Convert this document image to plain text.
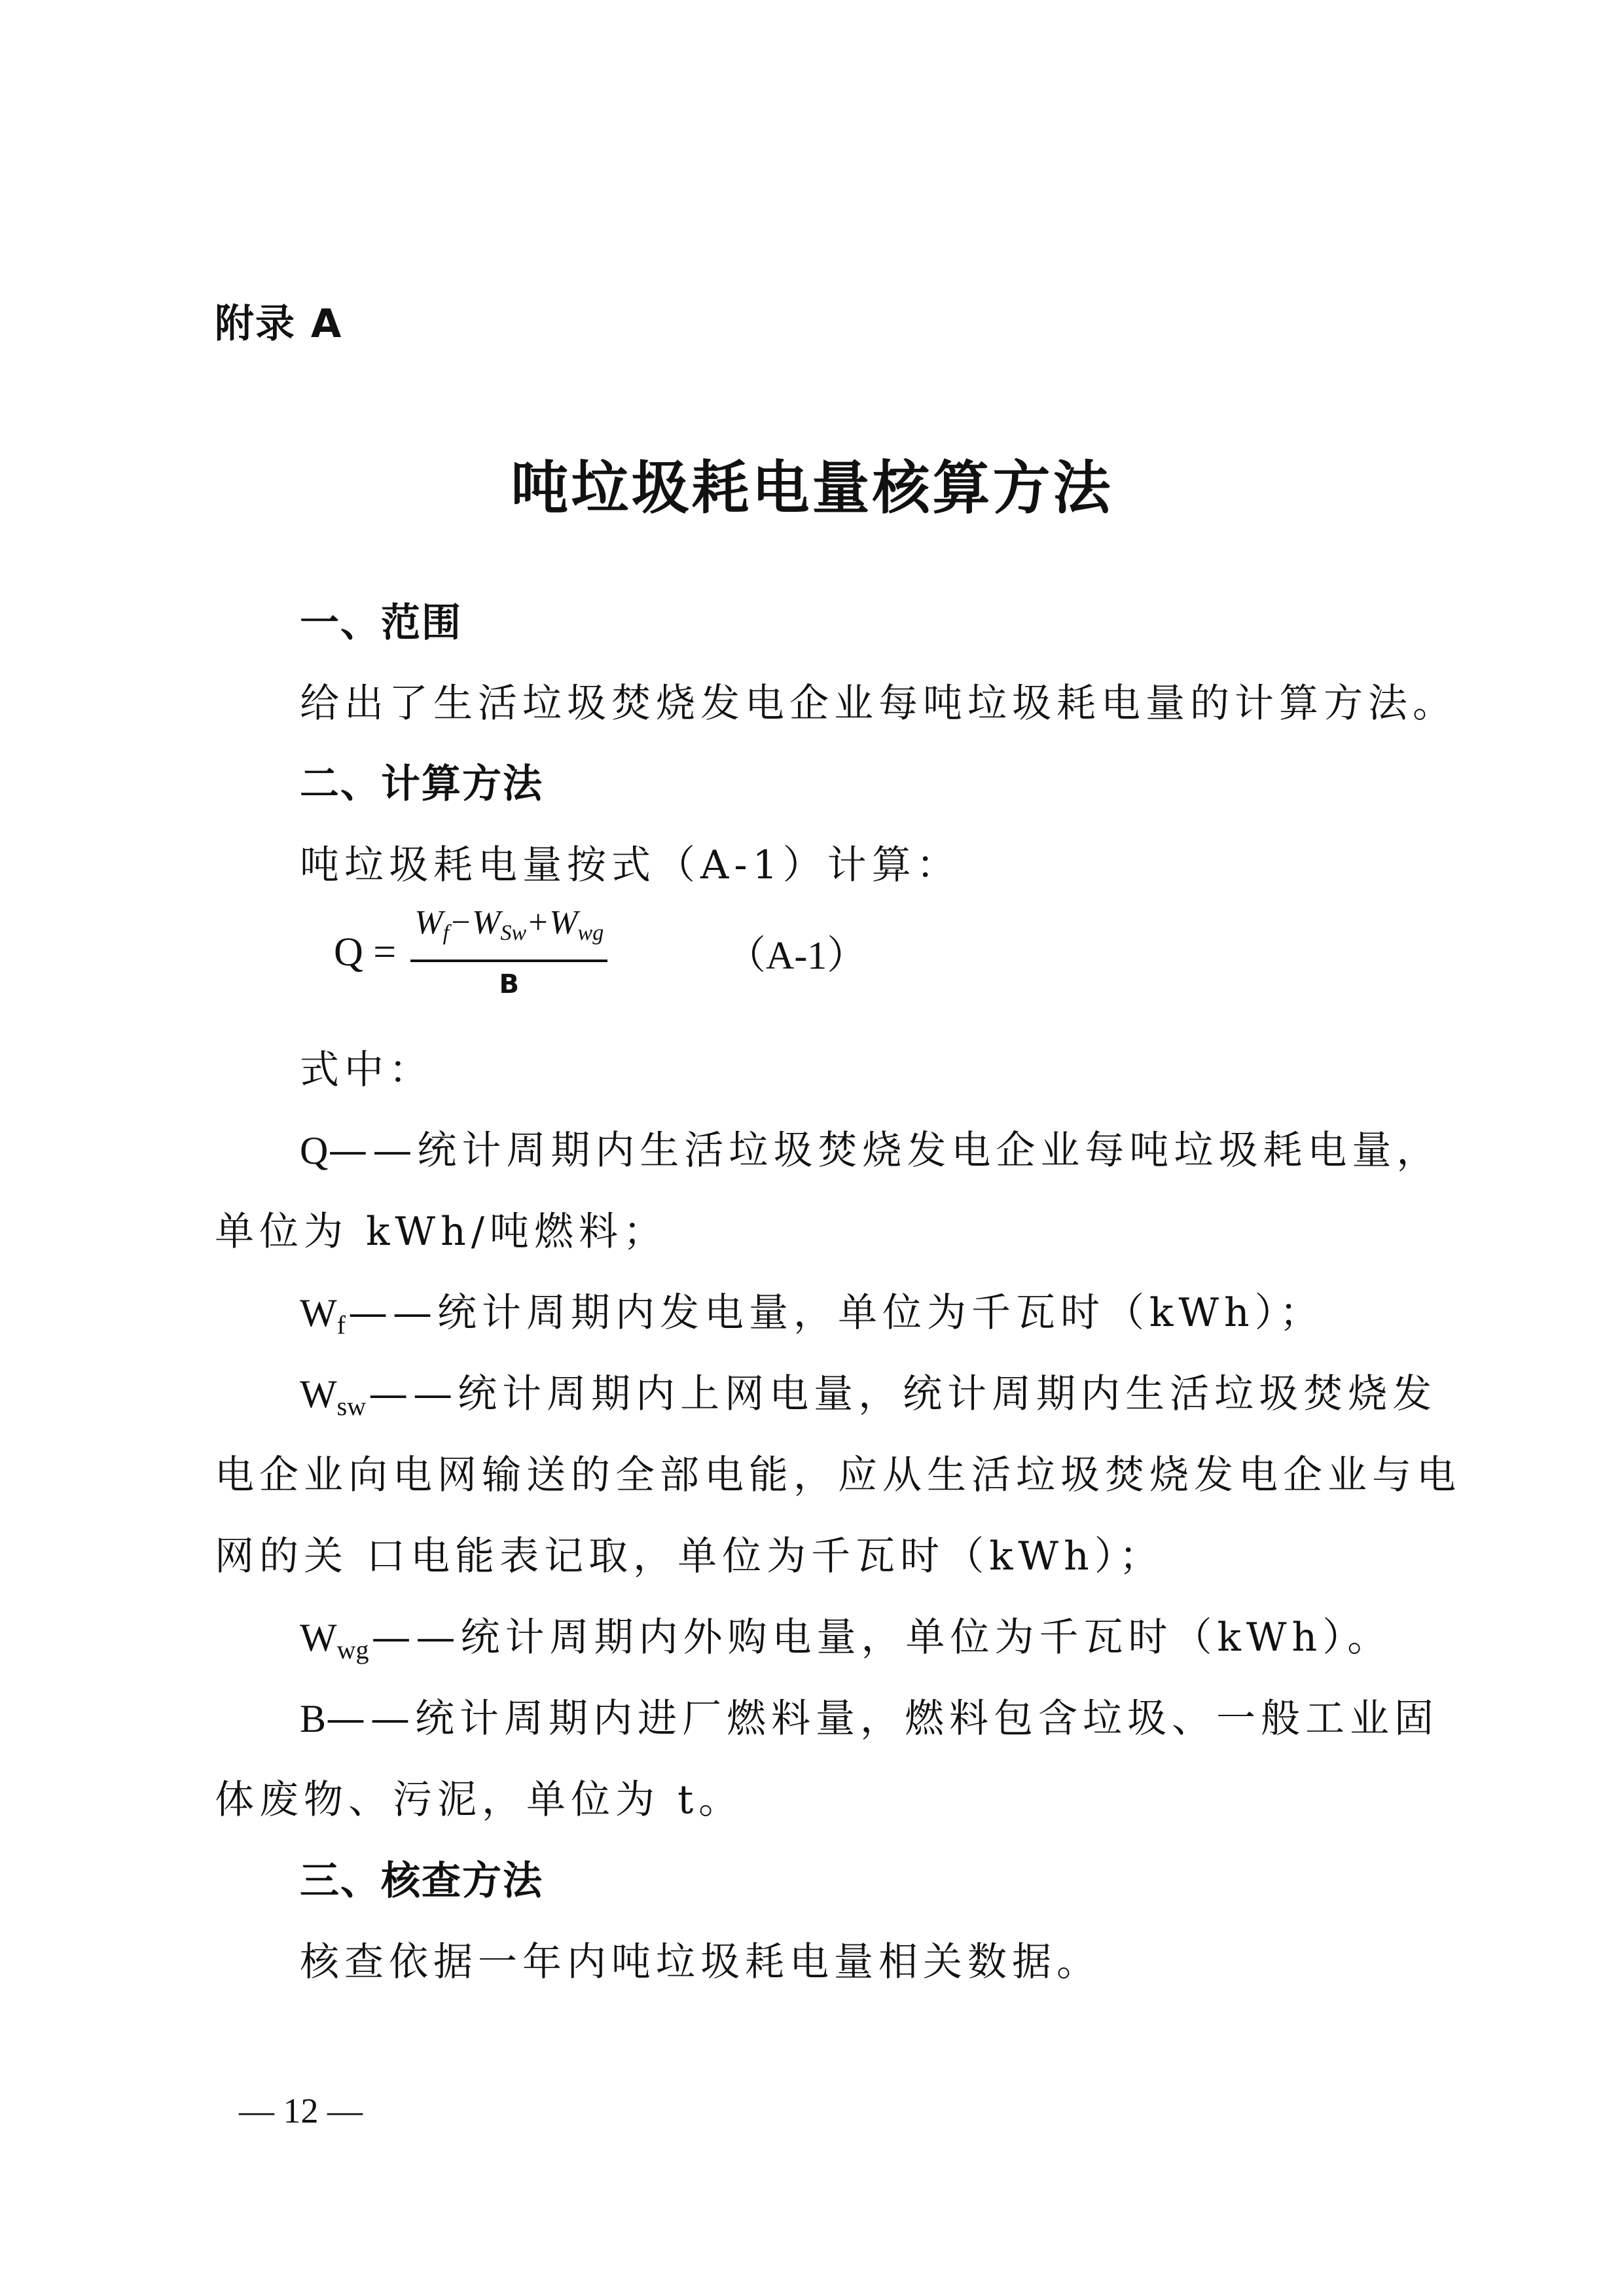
附录 A
吨垃圾耗电量核算方法
一、范围
给出了生活垃圾焚烧发电企业每吨垃圾耗电量的计算方法。
二、计算方法
吨垃圾耗电量按式（A-1）计算：
$Q = \frac{\text{Wf−WSw+Wwg}}{B}$	（A-1）
式中：
Q——统计周期内生活垃圾焚烧发电企业每吨垃圾耗电量，
单位为 kWh/吨燃料；
$W_f——$统计周期内发电量，单位为千瓦时（kWh）；
$W_{sw}——$统计周期内上网电量，统计周期内生活垃圾焚烧发
电企业向电网输送的全部电能，应从生活垃圾焚烧发电企业与电
网的关 口电能表记取，单位为千瓦时（kWh）；
$W_{wg}——$统计周期内外购电量，单位为千瓦时（kWh）。
B——统计周期内进厂燃料量，燃料包含垃圾、一般工业固
体废物、污泥，单位为 t。
三、核查方法
核查依据一年内吨垃圾耗电量相关数据。
— 12 —
